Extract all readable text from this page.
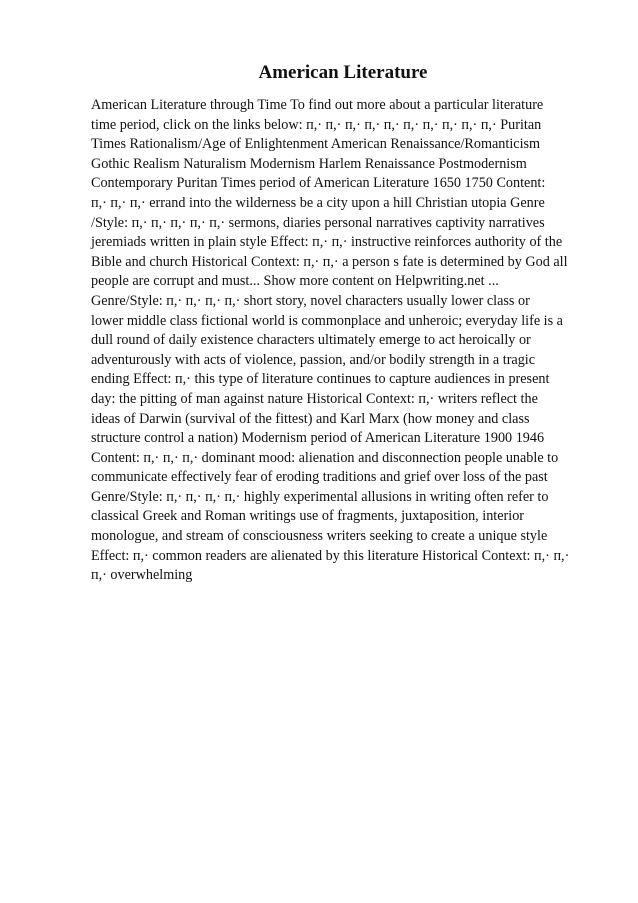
American Literature
American Literature through Time To find out more about a particular literature
time period, click on the links below: п,· п,· п,· п,· п,· п,· п,· п,· п,· п,· Puritan
Times Rationalism/Age of Enlightenment American Renaissance/Romanticism
Gothic Realism Naturalism Modernism Harlem Renaissance Postmodernism
Contemporary Puritan Times period of American Literature 1650 1750 Content:
п,· п,· п,· errand into the wilderness be a city upon a hill Christian utopia Genre
/Style: п,· п,· п,· п,· п,· sermons, diaries personal narratives captivity narratives
jeremiads written in plain style Effect: п,· п,· instructive reinforces authority of the
Bible and church Historical Context: п,· п,· a person s fate is determined by God all
people are corrupt and must... Show more content on Helpwriting.net ...
Genre/Style: п,· п,· п,· п,· short story, novel characters usually lower class or
lower middle class fictional world is commonplace and unheroic; everyday life is a
dull round of daily existence characters ultimately emerge to act heroically or
adventurously with acts of violence, passion, and/or bodily strength in a tragic
ending Effect: п,· this type of literature continues to capture audiences in present
day: the pitting of man against nature Historical Context: п,· writers reflect the
ideas of Darwin (survival of the fittest) and Karl Marx (how money and class
structure control a nation) Modernism period of American Literature 1900 1946
Content: п,· п,· п,· dominant mood: alienation and disconnection people unable to
communicate effectively fear of eroding traditions and grief over loss of the past
Genre/Style: п,· п,· п,· п,· highly experimental allusions in writing often refer to
classical Greek and Roman writings use of fragments, juxtaposition, interior
monologue, and stream of consciousness writers seeking to create a unique style
Effect: п,· common readers are alienated by this literature Historical Context: п,· п,·
п,· overwhelming
